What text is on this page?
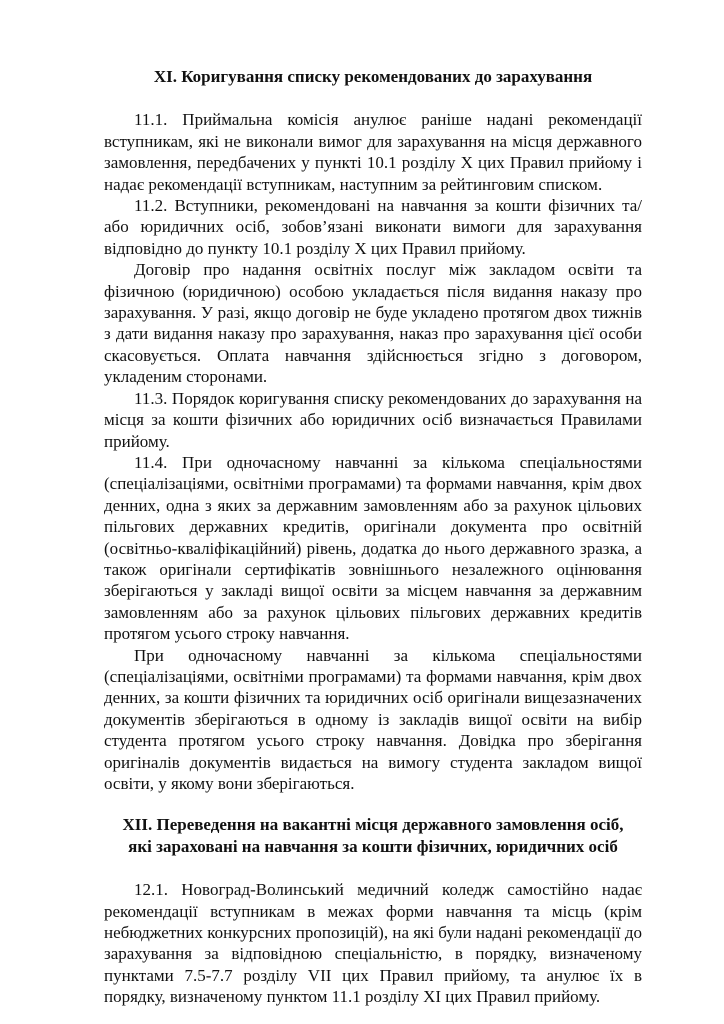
XI. Коригування списку рекомендованих до зарахування

11.1. Приймальна комісія анулює раніше надані рекомендації вступникам, які не виконали вимог для зарахування на місця державного замовлення, передбачених у пункті 10.1 розділу Х цих Правил прийому і надає рекомендації вступникам, наступним за рейтинговим списком.

11.2. Вступники, рекомендовані на навчання за кошти фізичних та/або юридичних осіб, зобов’язані виконати вимоги для зарахування відповідно до пункту 10.1 розділу Х цих Правил прийому.

Договір про надання освітніх послуг між закладом освіти та фізичною (юридичною) особою укладається після видання наказу про зарахування. У разі, якщо договір не буде укладено протягом двох тижнів з дати видання наказу про зарахування, наказ про зарахування цієї особи скасовується. Оплата навчання здійснюється згідно з договором, укладеним сторонами.

11.3. Порядок коригування списку рекомендованих до зарахування на місця за кошти фізичних або юридичних осіб визначається Правилами прийому.

11.4. При одночасному навчанні за кількома спеціальностями (спеціалізаціями, освітніми програмами) та формами навчання, крім двох денних, одна з яких за державним замовленням або за рахунок цільових пільгових державних кредитів, оригінали документа про освітній (освітньо-кваліфікаційний) рівень, додатка до нього державного зразка, а також оригінали сертифікатів зовнішнього незалежного оцінювання зберігаються у закладі вищої освіти за місцем навчання за державним замовленням або за рахунок цільових пільгових державних кредитів протягом усього строку навчання.

При одночасному навчанні за кількома спеціальностями (спеціалізаціями, освітніми програмами) та формами навчання, крім двох денних, за кошти фізичних та юридичних осіб оригінали вищезазначених документів зберігаються в одному із закладів вищої освіти на вибір студента протягом усього строку навчання. Довідка про зберігання оригіналів документів видається на вимогу студента закладом вищої освіти, у якому вони зберігаються.

XII. Переведення на вакантні місця державного замовлення осіб,
які зараховані на навчання за кошти фізичних, юридичних осіб

12.1. Новоград-Волинський медичний коледж самостійно надає рекомендації вступникам в межах форми навчання та місць (крім небюджетних конкурсних пропозицій), на які були надані рекомендації до зарахування за відповідною спеціальністю, в порядку, визначеному пунктами 7.5-7.7 розділу VII цих Правил прийому, та анулює їх в порядку, визначеному пунктом 11.1 розділу XI цих Правил прийому.
